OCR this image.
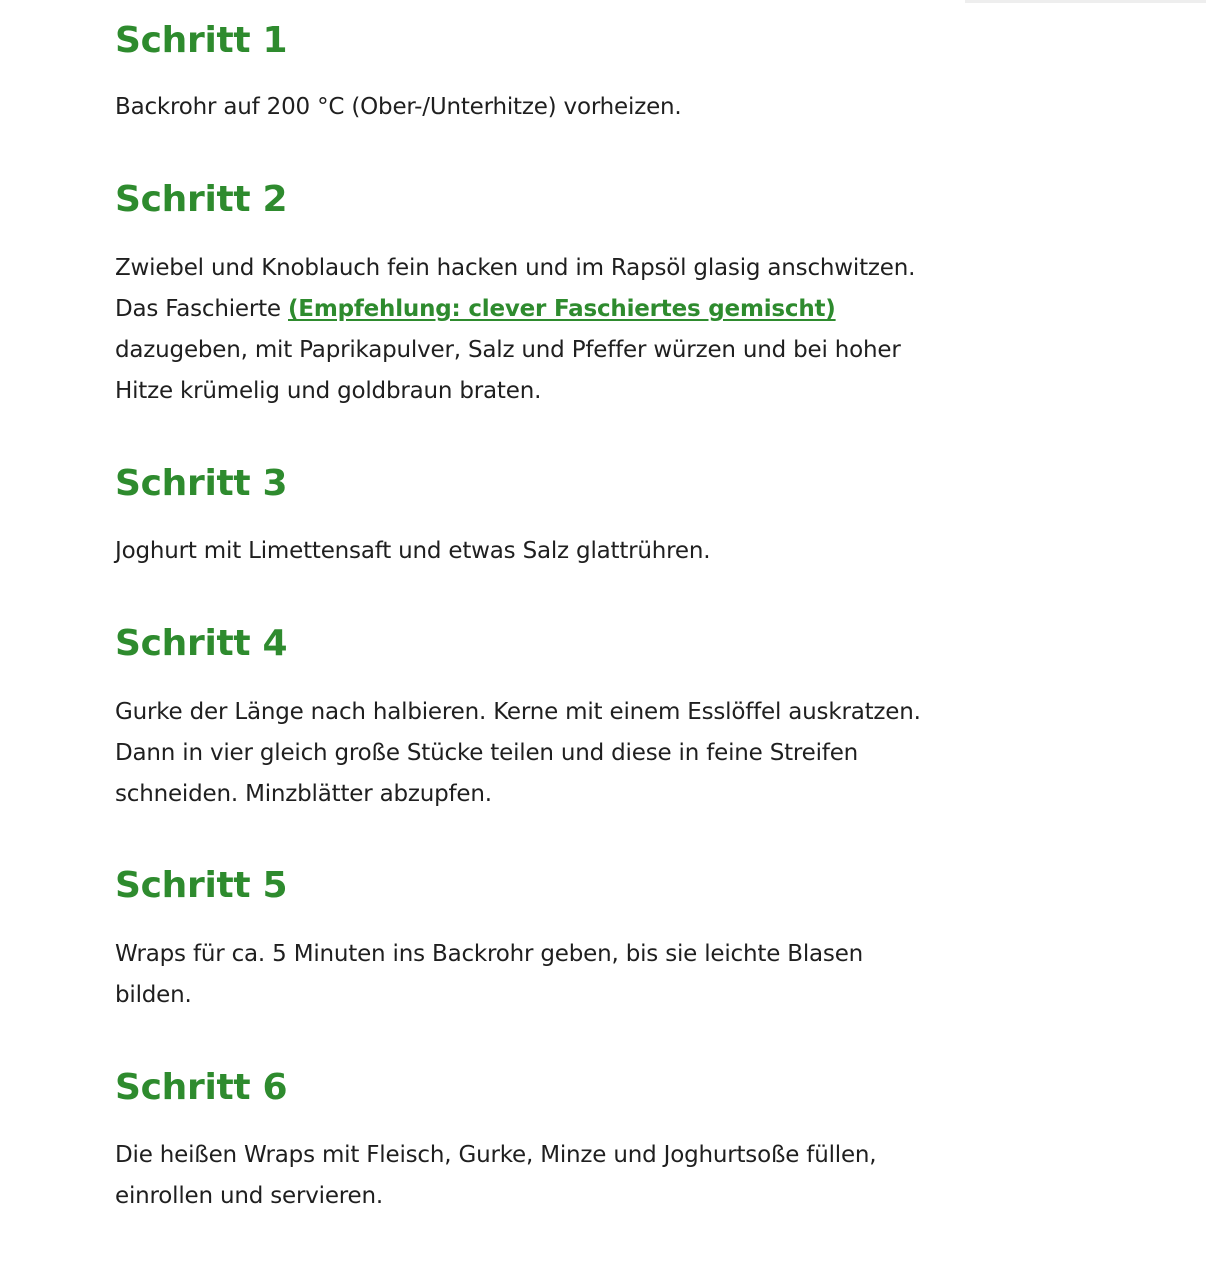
Schritt 1

Backrohr auf 200 °C (Ober-/Unterhitze) vorheizen.

Schritt 2

Zwiebel und Knoblauch fein hacken und im Rapsöl glasig anschwitzen. Das Faschierte (Empfehlung: clever Faschiertes gemischt) dazugeben, mit Paprikapulver, Salz und Pfeffer würzen und bei hoher Hitze krümelig und goldbraun braten.

Schritt 3

Joghurt mit Limettensaft und etwas Salz glattrühren.

Schritt 4

Gurke der Länge nach halbieren. Kerne mit einem Esslöffel auskratzen. Dann in vier gleich große Stücke teilen und diese in feine Streifen schneiden. Minzblätter abzupfen.

Schritt 5

Wraps für ca. 5 Minuten ins Backrohr geben, bis sie leichte Blasen bilden.

Schritt 6

Die heißen Wraps mit Fleisch, Gurke, Minze und Joghurtsoße füllen, einrollen und servieren.
